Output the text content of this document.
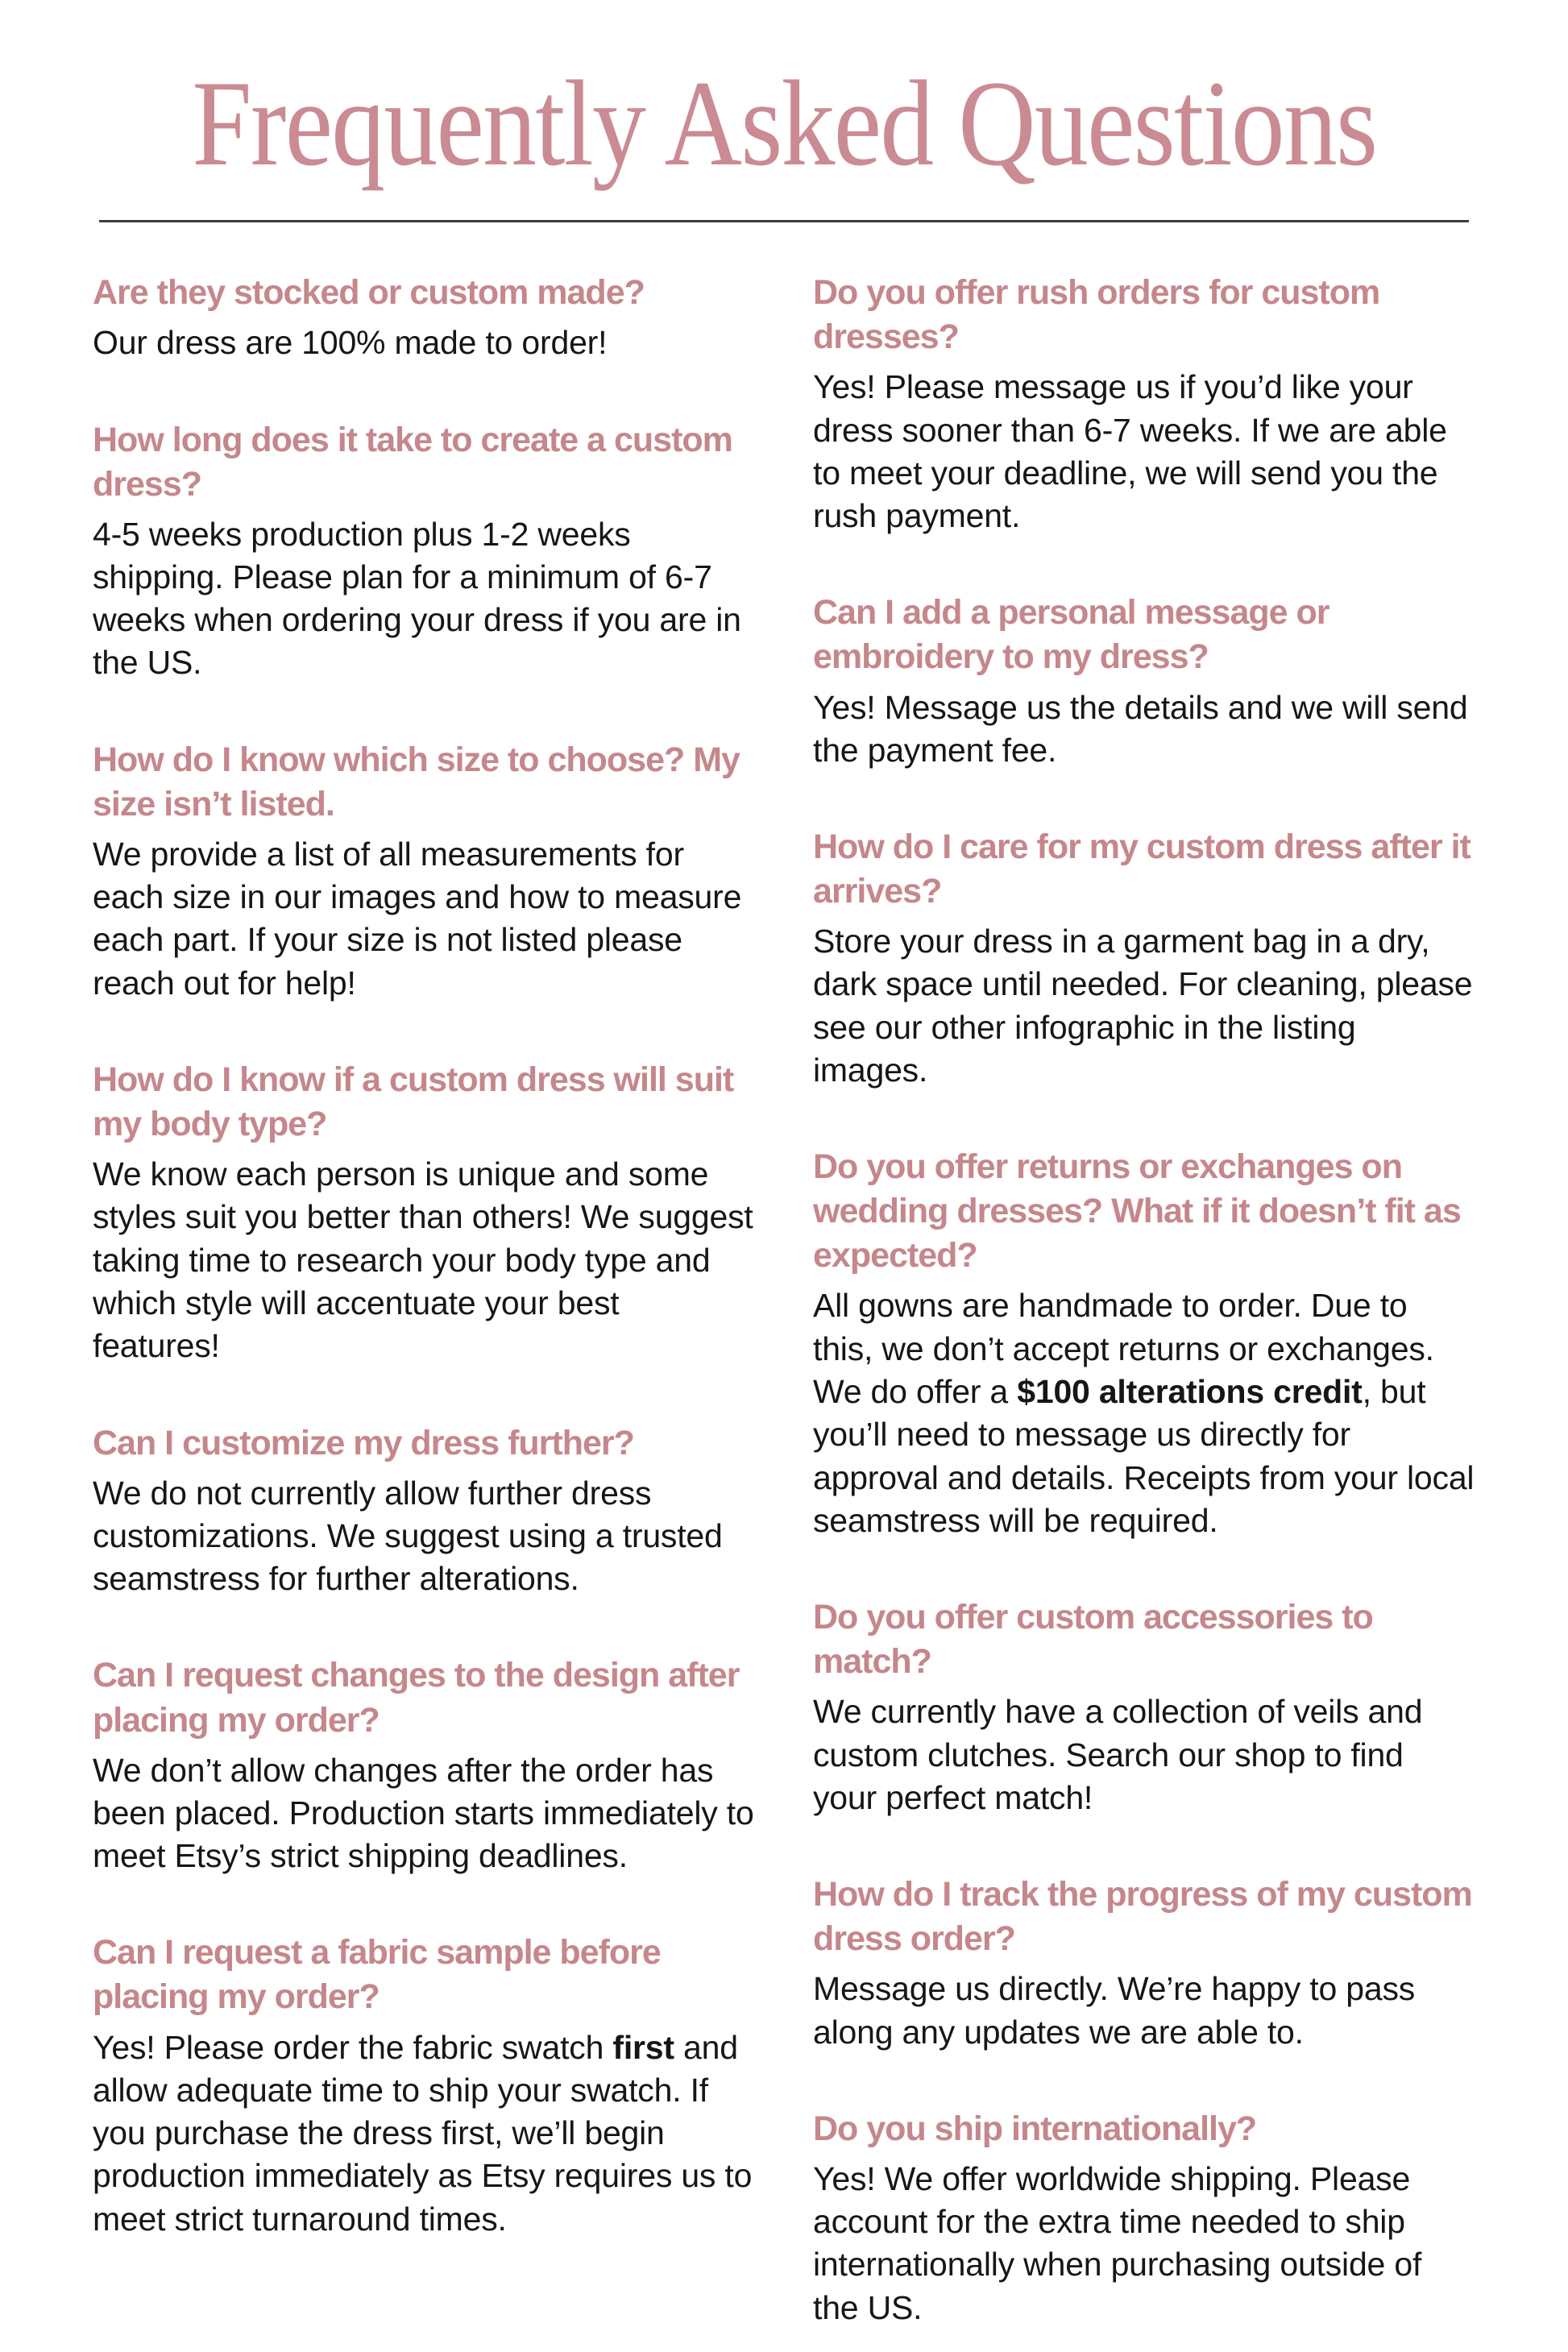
Frequently Asked Questions
Are they stocked or custom made?

Our dress are 100% made to order!

How long does it take to create a custom dress?

4-5 weeks production plus 1-2 weeks shipping. Please plan for a minimum of 6-7 weeks when ordering your dress if you are in the US.

How do I know which size to choose? My size isn’t listed.

We provide a list of all measurements for each size in our images and how to measure each part. If your size is not listed please reach out for help!

How do I know if a custom dress will suit my body type?

We know each person is unique and some styles suit you better than others! We suggest taking time to research your body type and which style will accentuate your best features!

Can I customize my dress further?

We do not currently allow further dress customizations. We suggest using a trusted seamstress for further alterations.

Can I request changes to the design after placing my order?

We don’t allow changes after the order has been placed. Production starts immediately to meet Etsy’s strict shipping deadlines.

Can I request a fabric sample before placing my order?

Yes! Please order the fabric swatch first and allow adequate time to ship your swatch. If you purchase the dress first, we’ll begin production immediately as Etsy requires us to meet strict turnaround times.

Do you offer rush orders for custom dresses?

Yes! Please message us if you’d like your dress sooner than 6-7 weeks. If we are able to meet your deadline, we will send you the rush payment.

Can I add a personal message or embroidery to my dress?

Yes! Message us the details and we will send the payment fee.

How do I care for my custom dress after it arrives?

Store your dress in a garment bag in a dry, dark space until needed. For cleaning, please see our other infographic in the listing images.

Do you offer returns or exchanges on wedding dresses? What if it doesn’t fit as expected?

All gowns are handmade to order. Due to this, we don’t accept returns or exchanges. We do offer a $100 alterations credit, but you’ll need to message us directly for approval and details. Receipts from your local seamstress will be required.

Do you offer custom accessories to match?

We currently have a collection of veils and custom clutches. Search our shop to find your perfect match!

How do I track the progress of my custom dress order?

Message us directly. We’re happy to pass along any updates we are able to.

Do you ship internationally?

Yes! We offer worldwide shipping. Please account for the extra time needed to ship internationally when purchasing outside of the US.
